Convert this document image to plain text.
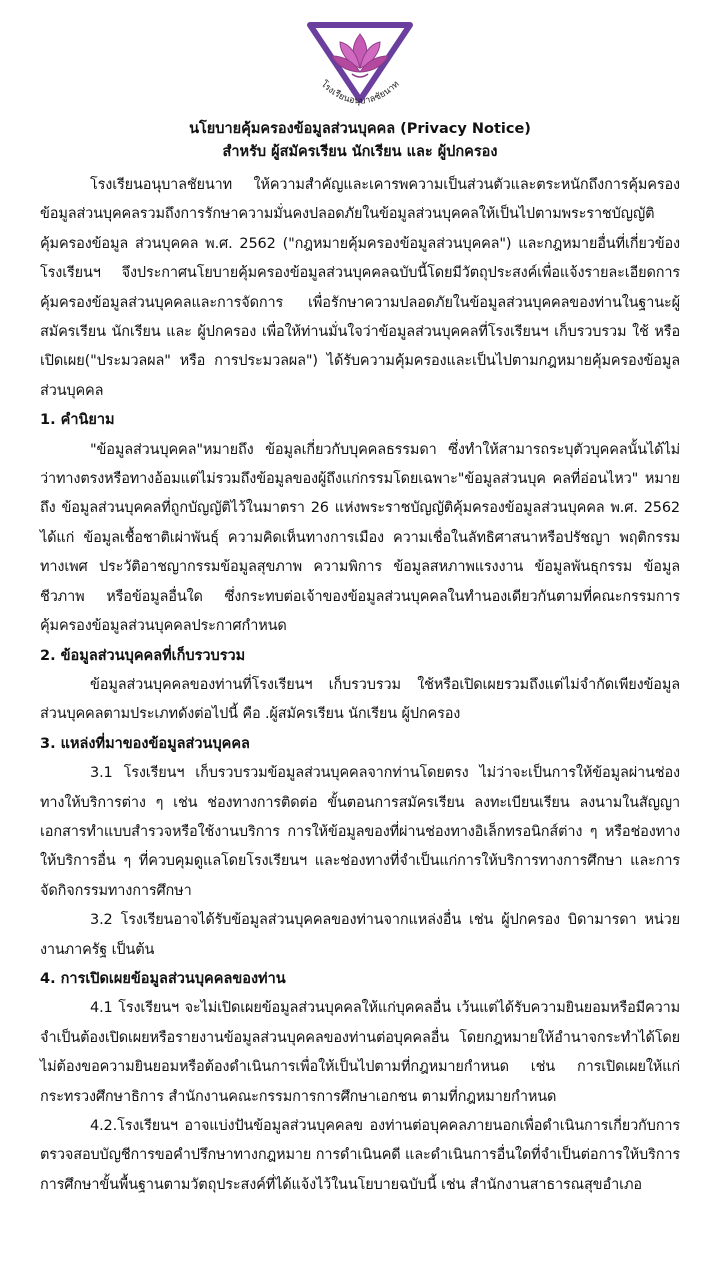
โรงเรียนอนุบาลชัยนาท
นโยบายคุ้มครองข้อมูลส่วนบุคคล (Privacy Notice)
สำหรับ ผู้สมัครเรียน นักเรียน และ ผู้ปกครอง

โรงเรียนอนุบาลชัยนาท ให้ความสำคัญและเคารพความเป็นส่วนตัวและตระหนักถึงการคุ้มครองข้อมูลส่วนบุคคลรวมถึงการรักษาความมั่นคงปลอดภัยในข้อมูลส่วนบุคคลให้เป็นไปตามพระราชบัญญัติคุ้มครองข้อมูล ส่วนบุคคล พ.ศ. 2562 ("กฎหมายคุ้มครองข้อมูลส่วนบุคคล") และกฎหมายอื่นที่เกี่ยวข้อง โรงเรียนฯ จึงประกาศนโยบายคุ้มครองข้อมูลส่วนบุคคลฉบับนี้โดยมีวัตถุประสงค์เพื่อแจ้งรายละเอียดการคุ้มครองข้อมูลส่วนบุคคลและการจัดการ เพื่อรักษาความปลอดภัยในข้อมูลส่วนบุคคลของท่านในฐานะผู้สมัครเรียน นักเรียน และ ผู้ปกครอง เพื่อให้ท่านมั่นใจว่าข้อมูลส่วนบุคคลที่โรงเรียนฯ เก็บรวบรวม ใช้ หรือเปิดเผย("ประมวลผล" หรือ การประมวลผล") ได้รับความคุ้มครองและเป็นไปตามกฎหมายคุ้มครองข้อมูลส่วนบุคคล

1. คำนิยาม

"ข้อมูลส่วนบุคคล"หมายถึง ข้อมูลเกี่ยวกับบุคคลธรรมดา ซึ่งทำให้สามารถระบุตัวบุคคลนั้นได้ไม่ว่าทางตรงหรือทางอ้อมแต่ไม่รวมถึงข้อมูลของผู้ถึงแก่กรรมโดยเฉพาะ"ข้อมูลส่วนบุค คลที่อ่อนไหว" หมายถึง ข้อมูลส่วนบุคคลที่ถูกบัญญัติไว้ในมาตรา 26 แห่งพระราชบัญญัติคุ้มครองข้อมูลส่วนบุคคล พ.ศ. 2562 ได้แก่ ข้อมูลเชื้อชาติเผ่าพันธุ์ ความคิดเห็นทางการเมือง ความเชื่อในลัทธิศาสนาหรือปรัชญา พฤติกรรมทางเพศ ประวัติอาชญากรรมข้อมูลสุขภาพ ความพิการ ข้อมูลสหภาพแรงงาน ข้อมูลพันธุกรรม ข้อมูลชีวภาพ หรือข้อมูลอื่นใด ซึ่งกระทบต่อเจ้าของข้อมูลส่วนบุคคลในทำนองเดียวกันตามที่คณะกรรมการคุ้มครองข้อมูลส่วนบุคคลประกาศกำหนด

2. ข้อมูลส่วนบุคคลที่เก็บรวบรวม

ข้อมูลส่วนบุคคลของท่านที่โรงเรียนฯ เก็บรวบรวม ใช้หรือเปิดเผยรวมถึงแต่ไม่จำกัดเพียงข้อมูลส่วนบุคคลตามประเภทดังต่อไปนี้ คือ .ผู้สมัครเรียน นักเรียน ผู้ปกครอง

3. แหล่งที่มาของข้อมูลส่วนบุคคล

3.1 โรงเรียนฯ เก็บรวบรวมข้อมูลส่วนบุคคลจากท่านโดยตรง ไม่ว่าจะเป็นการให้ข้อมูลผ่านช่องทางให้บริการต่าง ๆ เช่น ช่องทางการติดต่อ ขั้นตอนการสมัครเรียน ลงทะเบียนเรียน ลงนามในสัญญา เอกสารทำแบบสำรวจหรือใช้งานบริการ การให้ข้อมูลของที่ผ่านช่องทางอิเล็กทรอนิกส์ต่าง ๆ หรือช่องทางให้บริการอื่น ๆ ที่ควบคุมดูแลโดยโรงเรียนฯ และช่องทางที่จำเป็นแก่การให้บริการทางการศึกษา และการจัดกิจกรรมทางการศึกษา

3.2 โรงเรียนอาจได้รับข้อมูลส่วนบุคคลของท่านจากแหล่งอื่น เช่น ผู้ปกครอง บิดามารดา หน่วยงานภาครัฐ เป็นต้น

4. การเปิดเผยข้อมูลส่วนบุคคลของท่าน

4.1 โรงเรียนฯ จะไม่เปิดเผยข้อมูลส่วนบุคคลให้แก่บุคคลอื่น เว้นแต่ได้รับความยินยอมหรือมีความจำเป็นต้องเปิดเผยหรือรายงานข้อมูลส่วนบุคคลของท่านต่อบุคคลอื่น โดยกฎหมายให้อำนาจกระทำได้โดยไม่ต้องขอความยินยอมหรือต้องดำเนินการเพื่อให้เป็นไปตามที่กฎหมายกำหนด เช่น การเปิดเผยให้แก่กระทรวงศึกษาธิการ สำนักงานคณะกรรมการการศึกษาเอกชน ตามที่กฎหมายกำหนด

4.2.โรงเรียนฯ อาจแบ่งปันข้อมูลส่วนบุคคลข องท่านต่อบุคคลภายนอกเพื่อดำเนินการเกี่ยวกับการตรวจสอบบัญชีการขอคำปรึกษาทางกฎหมาย การดำเนินคดี และดำเนินการอื่นใดที่จำเป็นต่อการให้บริการการศึกษาขั้นพื้นฐานตามวัตถุประสงค์ที่ได้แจ้งไว้ในนโยบายฉบับนี้ เช่น สำนักงานสาธารณสุขอำเภอ
